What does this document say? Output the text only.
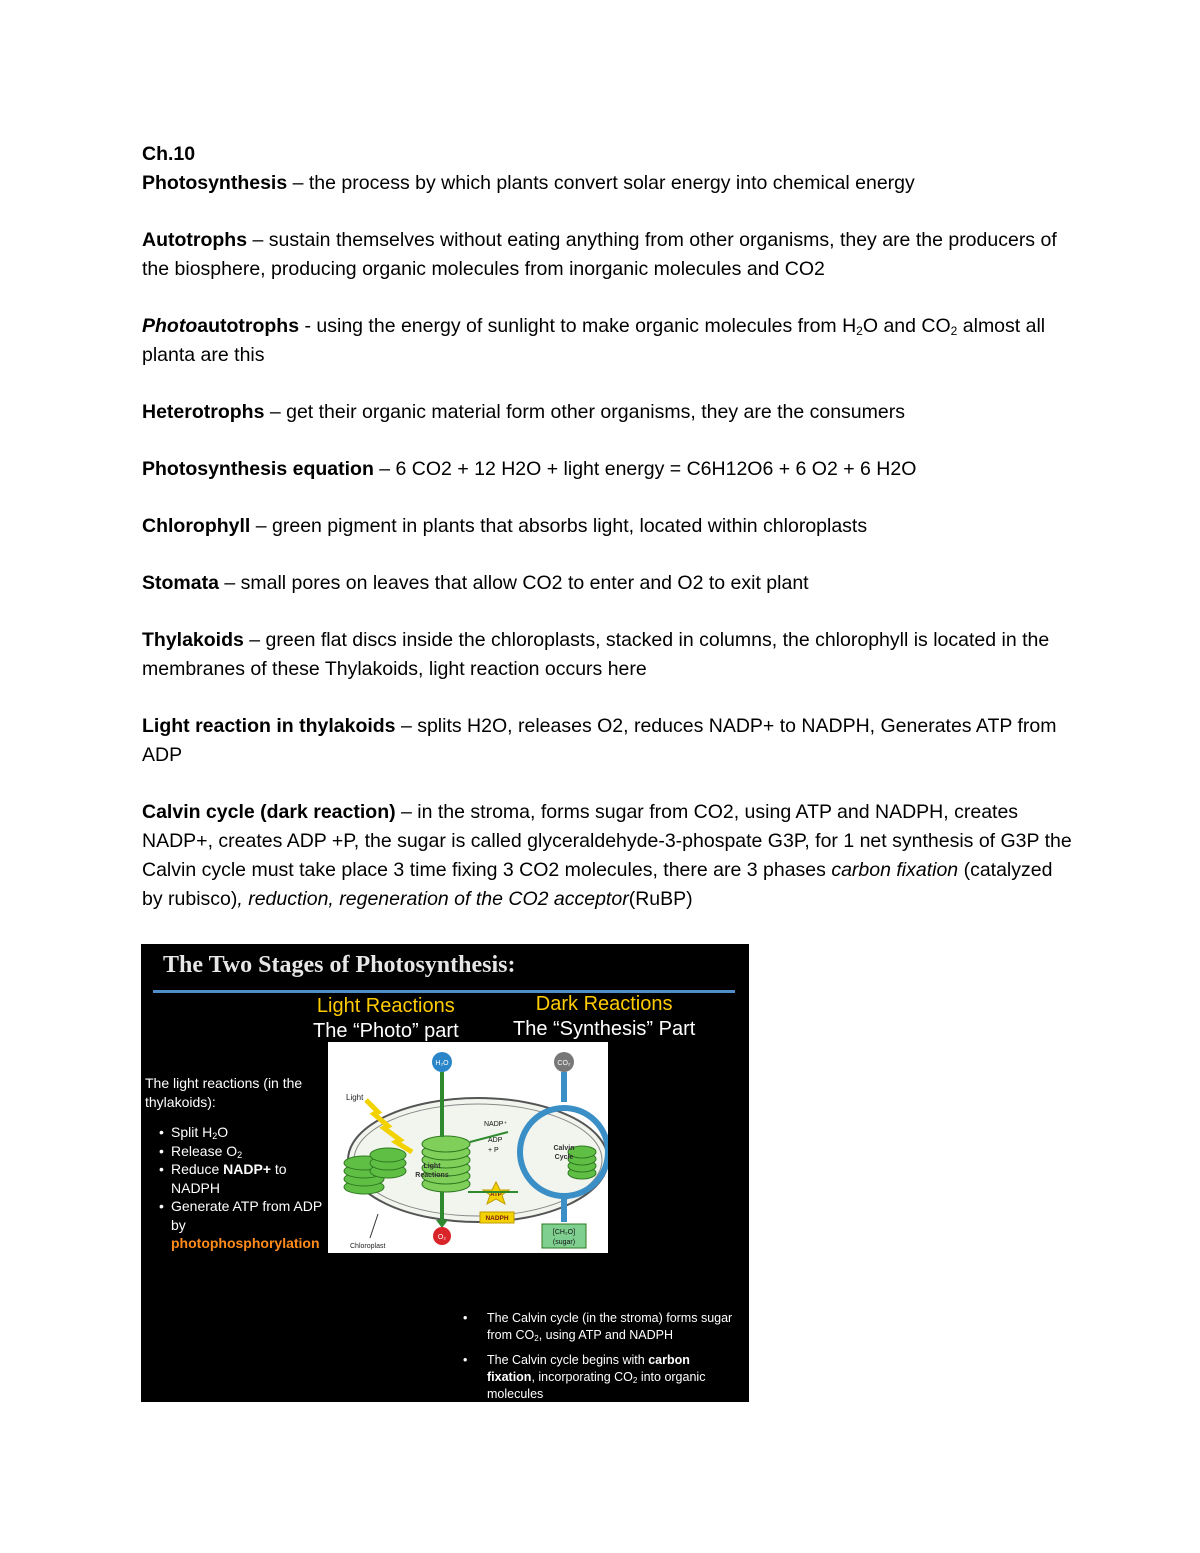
Ch.10

Photosynthesis – the process by which plants convert solar energy into chemical energy

Autotrophs – sustain themselves without eating anything from other organisms, they are the producers of the biosphere, producing organic molecules from inorganic molecules and CO2

Photoautotrophs - using the energy of sunlight to make organic molecules from $H_2O$ and $CO_2$ almost all planta are this

Heterotrophs – get their organic material form other organisms, they are the consumers

Photosynthesis equation – 6 CO2 + 12 H2O + light energy = C6H12O6 + 6 O2 + 6 H2O

Chlorophyll – green pigment in plants that absorbs light, located within chloroplasts

Stomata – small pores on leaves that allow CO2 to enter and O2 to exit plant

Thylakoids – green flat discs inside the chloroplasts, stacked in columns, the chlorophyll is located in the membranes of these Thylakoids, light reaction occurs here

Light reaction in thylakoids – splits H2O, releases O2, reduces NADP+ to NADPH, Generates ATP from ADP

Calvin cycle (dark reaction) – in the stroma, forms sugar from CO2, using ATP and NADPH, creates NADP+, creates ADP +P, the sugar is called glyceraldehyde-3-phospate G3P, for 1 net synthesis of G3P the Calvin cycle must take place 3 time fixing 3 CO2 molecules, there are 3 phases carbon fixation (catalyzed by rubisco), reduction, regeneration of the CO2 acceptor(RuBP)

The Two Stages of Photosynthesis:
Light Reactions
The “Photo” part
Dark Reactions
The “Synthesis” Part
The light reactions (in the thylakoids):
• Split $H_2O$
• Release $O_2$
• Reduce NADP+ to NADPH
• Generate ATP from ADP by photophosphorylation
Light
H₂O
O₂
Light
Reactions
CO₂
Calvin
Cycle
[CH₂O]
(sugar)
NADP⁺
ADP
+ P
ATP
NADPH
Chloroplast
• The Calvin cycle (in the stroma) forms sugar from $CO_2$, using ATP and NADPH
• The Calvin cycle begins with carbon fixation, incorporating $CO_2$ into organic molecules
